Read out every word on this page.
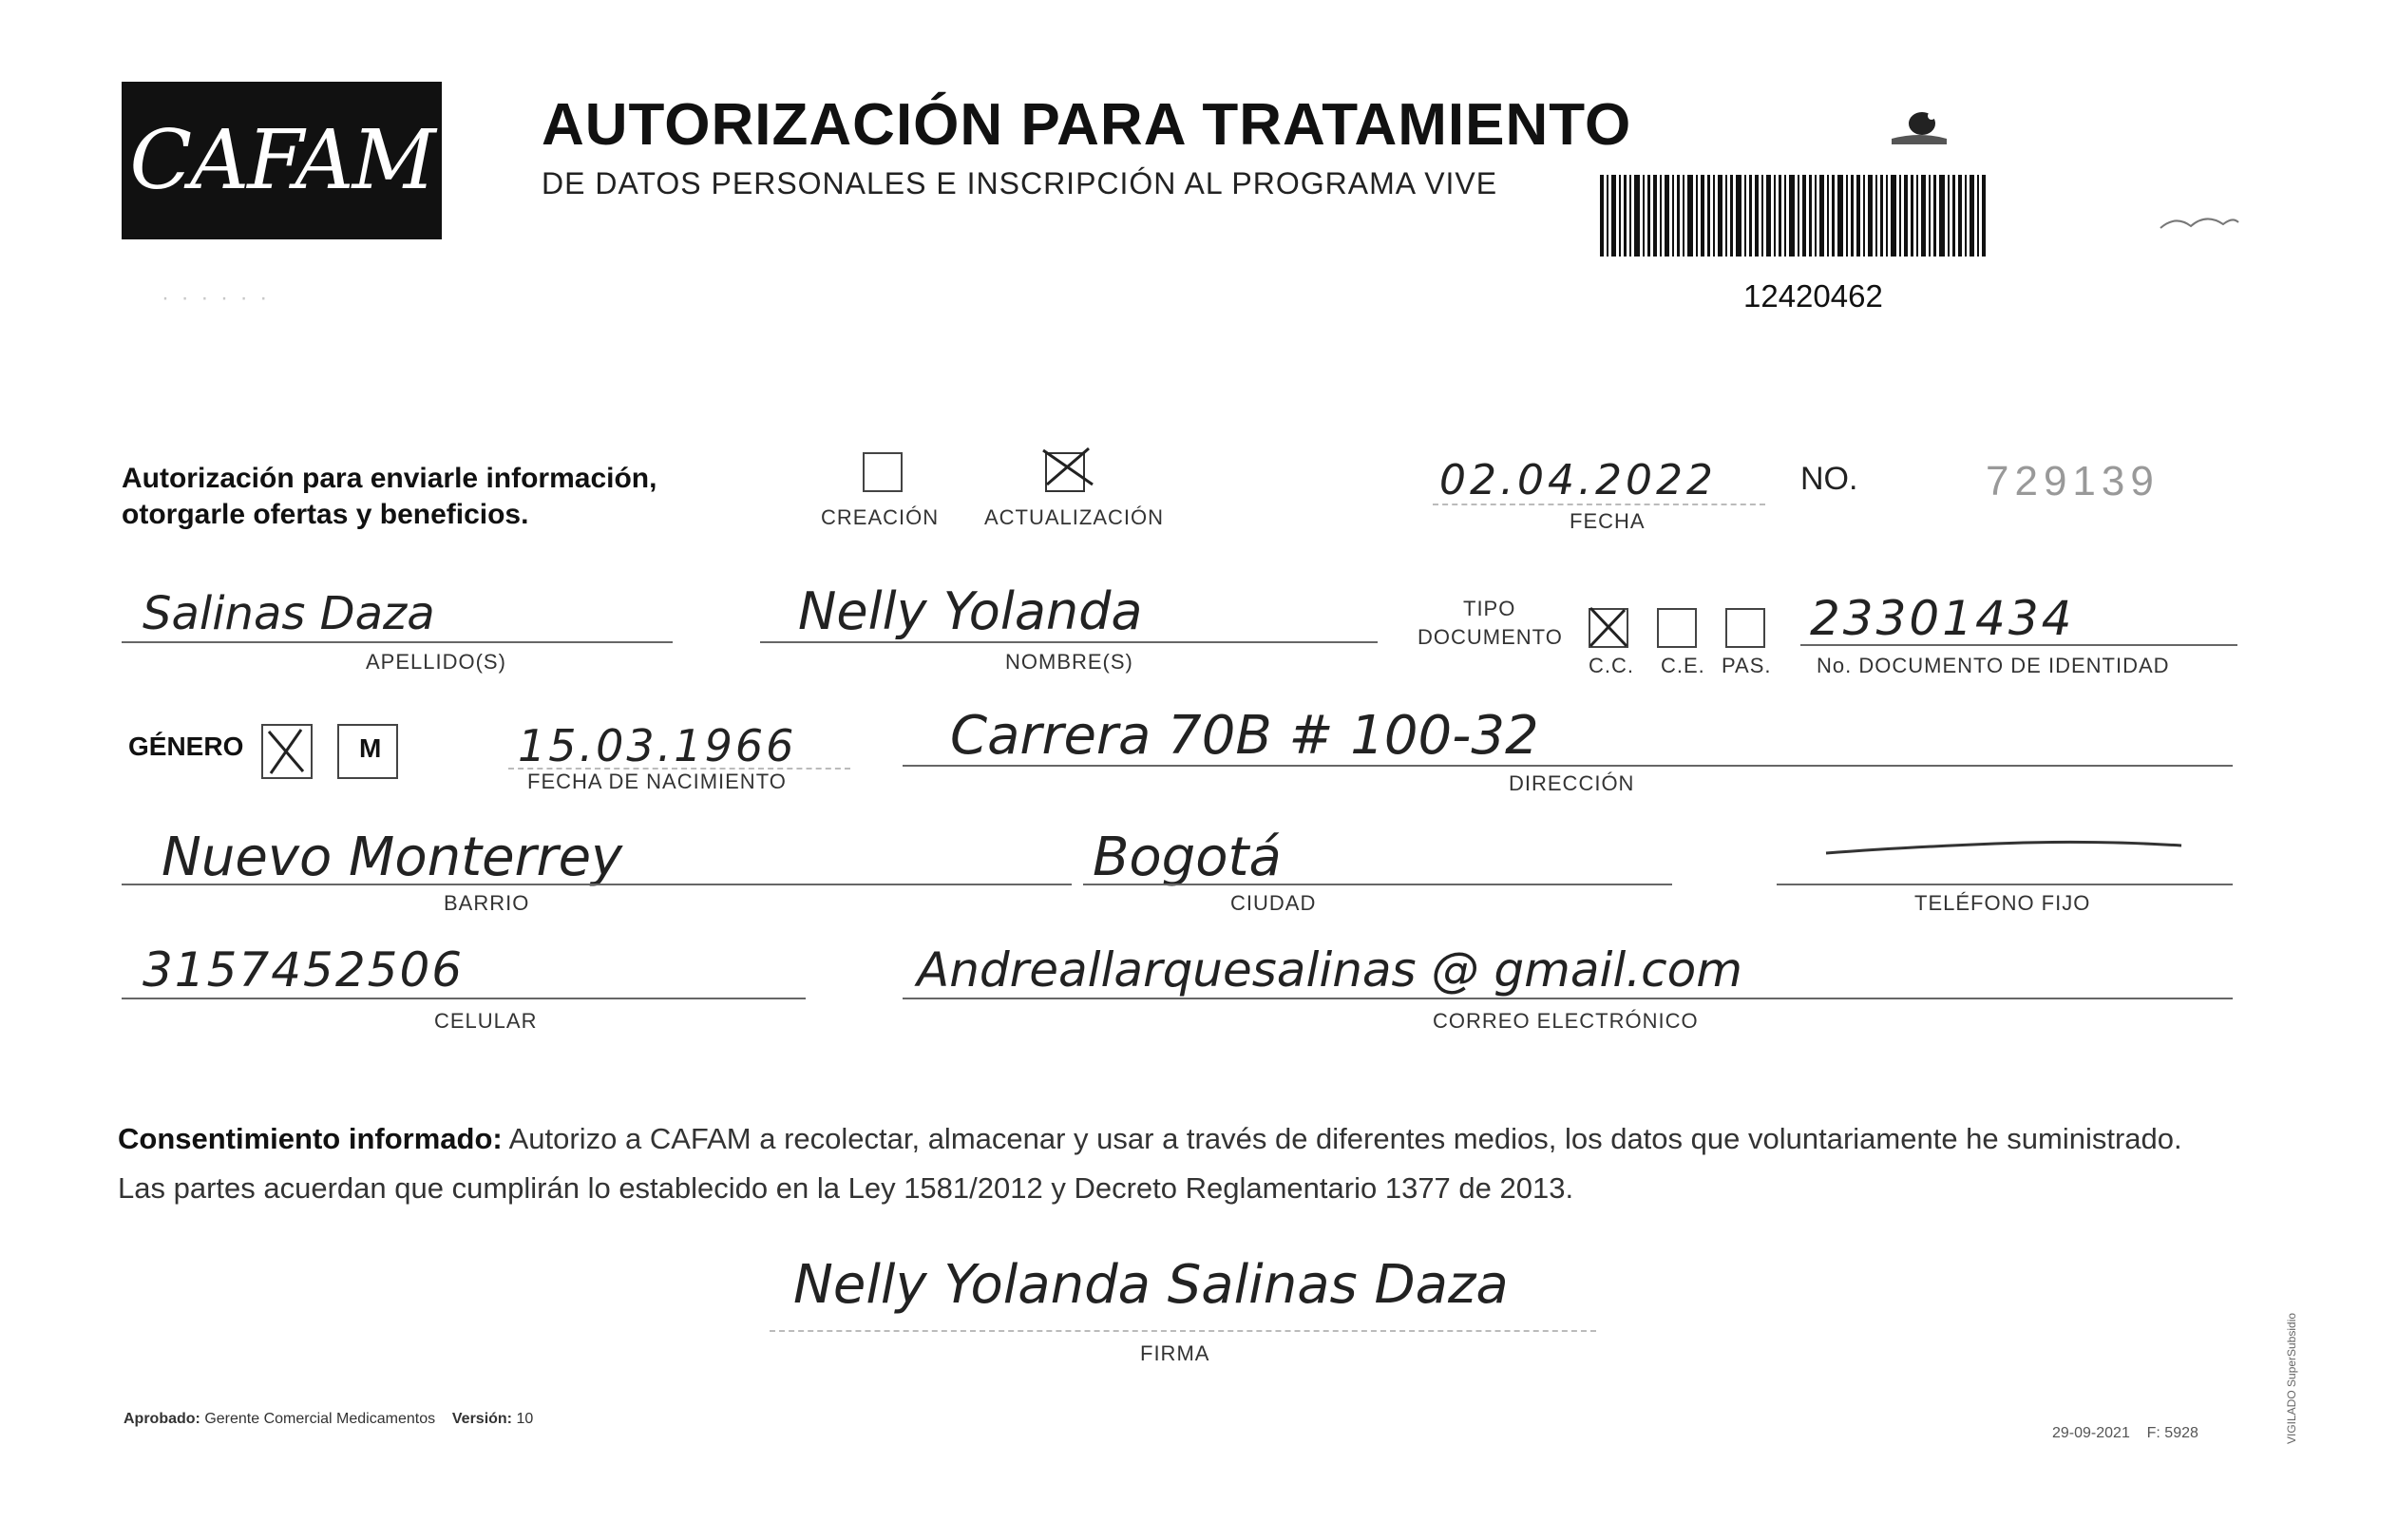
CAFAM AUTORIZACIÓN PARA TRATAMIENTO
DE DATOS PERSONALES E INSCRIPCIÓN AL PROGRAMA VIVE
12420462
· · · · · ·
Autorización para enviarle información,
otorgarle ofertas y beneficios.	CREACIÓN ACTUALIZACIÓN
02.04.2022
FECHA
NO.	729139
Salinas Daza
APELLIDO(S)
Nelly Yolanda
NOMBRE(S)
TIPO
DOCUMENTO
C.C. C.E. PAS.
23301434
No. DOCUMENTO DE IDENTIDAD
GÉNERO	M	15.03.1966
FECHA DE NACIMIENTO
Carrera 70B # 100-32
DIRECCIÓN
Nuevo Monterrey
BARRIO
Bogotá
CIUDAD	TELÉFONO FIJO
3157452506
CELULAR
Andreallarquesalinas @ gmail.com
CORREO ELECTRÓNICO
Consentimiento informado: Autorizo a CAFAM a recolectar, almacenar y usar a través de diferentes medios, los datos que voluntariamente he suministrado.
Las partes acuerdan que cumplirán lo establecido en la Ley 1581/2012 y Decreto Reglamentario 1377 de 2013.
Nelly Yolanda Salinas Daza
FIRMA
Aprobado: Gerente Comercial Medicamentos Versión: 10
29-09-2021 F: 5928	VIGILADO SuperSubsidio
